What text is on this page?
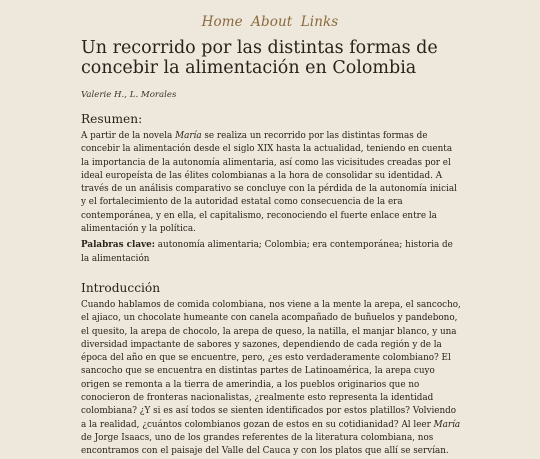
Home About Links
Un recorrido por las distintas formas de concebir la alimentación en Colombia
Valerie H., L. Morales
Resumen:

A partir de la novela María se realiza un recorrido por las distintas formas de concebir la alimentación desde el siglo XIX hasta la actualidad, teniendo en cuenta la importancia de la autonomía alimentaria, así como las vicisitudes creadas por el ideal europeísta de las élites colombianas a la hora de consolidar su identidad. A través de un análisis comparativo se concluye con la pérdida de la autonomía inicial y el fortalecimiento de la autoridad estatal como consecuencia de la era contemporánea, y en ella, el capitalismo, reconociendo el fuerte enlace entre la alimentación y la política.

Palabras clave: autonomía alimentaria; Colombia; era contemporánea; historia de la alimentación
Introducción

Cuando hablamos de comida colombiana, nos viene a la mente la arepa, el sancocho, el ajiaco, un chocolate humeante con canela acompañado de buñuelos y pandebono, el quesito, la arepa de chocolo, la arepa de queso, la natilla, el manjar blanco, y una diversidad impactante de sabores y sazones, dependiendo de cada región y de la época del año en que se encuentre, pero, ¿es esto verdaderamente colombiano? El sancocho que se encuentra en distintas partes de Latinoamérica, la arepa cuyo origen se remonta a la tierra de amerindia, a los pueblos originarios que no conocieron de fronteras nacionalistas, ¿realmente esto representa la identidad colombiana? ¿Y si es así todos se sienten identificados por estos platillos? Volviendo a la realidad, ¿cuántos colombianos gozan de estos en su cotidianidad? Al leer María de Jorge Isaacs, uno de los grandes referentes de la literatura colombiana, nos encontramos con el paisaje del Valle del Cauca y con los platos que allí se servían.
